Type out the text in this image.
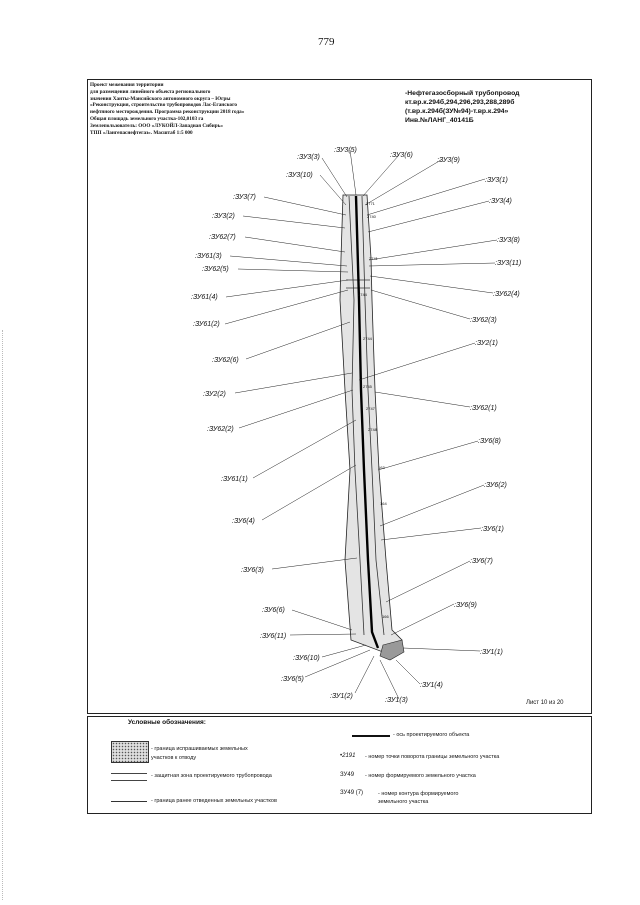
779
Проект межевания территории
для размещения линейного объекта регионального
значения Ханты-Мансийского автономного округа – Югры
«Реконструкция, строительство трубопроводов Лас-Еганского
нефтяного месторождения. Программа реконструкции 2018 года»
Общая площадь земельного участка-102,0103 га
Землепользователь: ООО «ЛУКОЙЛ-Западная Сибирь»
ТПП «Лангепаснефтегаз». Масштаб 1:5 000
-Нефтегазосборный трубопровод
кт.вр.к.294б,294,296,293,288,289б
(т.вр.к.294б(ЗУ№94)-т.вр.к.294»
Инв.№ЛАНГ_40141Б
:ЗУ3(3)
:ЗУ3(10)
:ЗУ3(7)
:ЗУ3(2)
:ЗУ62(7)
:ЗУ61(3)
:ЗУ62(5)
:ЗУ61(4)
:ЗУ61(2)
:ЗУ62(6)
:ЗУ2(2)
:ЗУ62(2)
:ЗУ61(1)
:ЗУ6(4)
:ЗУ6(3)
:ЗУ6(6)
:ЗУ6(11)
:ЗУ6(10)
:ЗУ6(5)
:ЗУ3(5)
:ЗУ3(6)
:ЗУ3(9)
:ЗУ3(1)
:ЗУ3(4)
:ЗУ3(8)
:ЗУ3(11)
:ЗУ62(4)
:ЗУ62(3)
:ЗУ2(1)
:ЗУ62(1)
:ЗУ6(8)
:ЗУ6(2)
:ЗУ6(1)
:ЗУ6(7)
:ЗУ6(9)
:ЗУ1(1)
:ЗУ1(4)
:ЗУ1(2)
:ЗУ1(3)
2744
2745
2747
2748
2744
163
164
166
2771
2740
2741
Лист 10 из 20
Условные обозначения:
- граница испрашиваемых земельных
участков к отводу
- защитная зона проектируемого трубопровода
- граница ранее отведенных земельных участков
- ось проектируемого объекта
•2191 - номер точки поворота границы земельного участка
ЗУ49 - номер формируемого земельного участка
ЗУ49 (7)	- номер контура формируемого
земельного участка
